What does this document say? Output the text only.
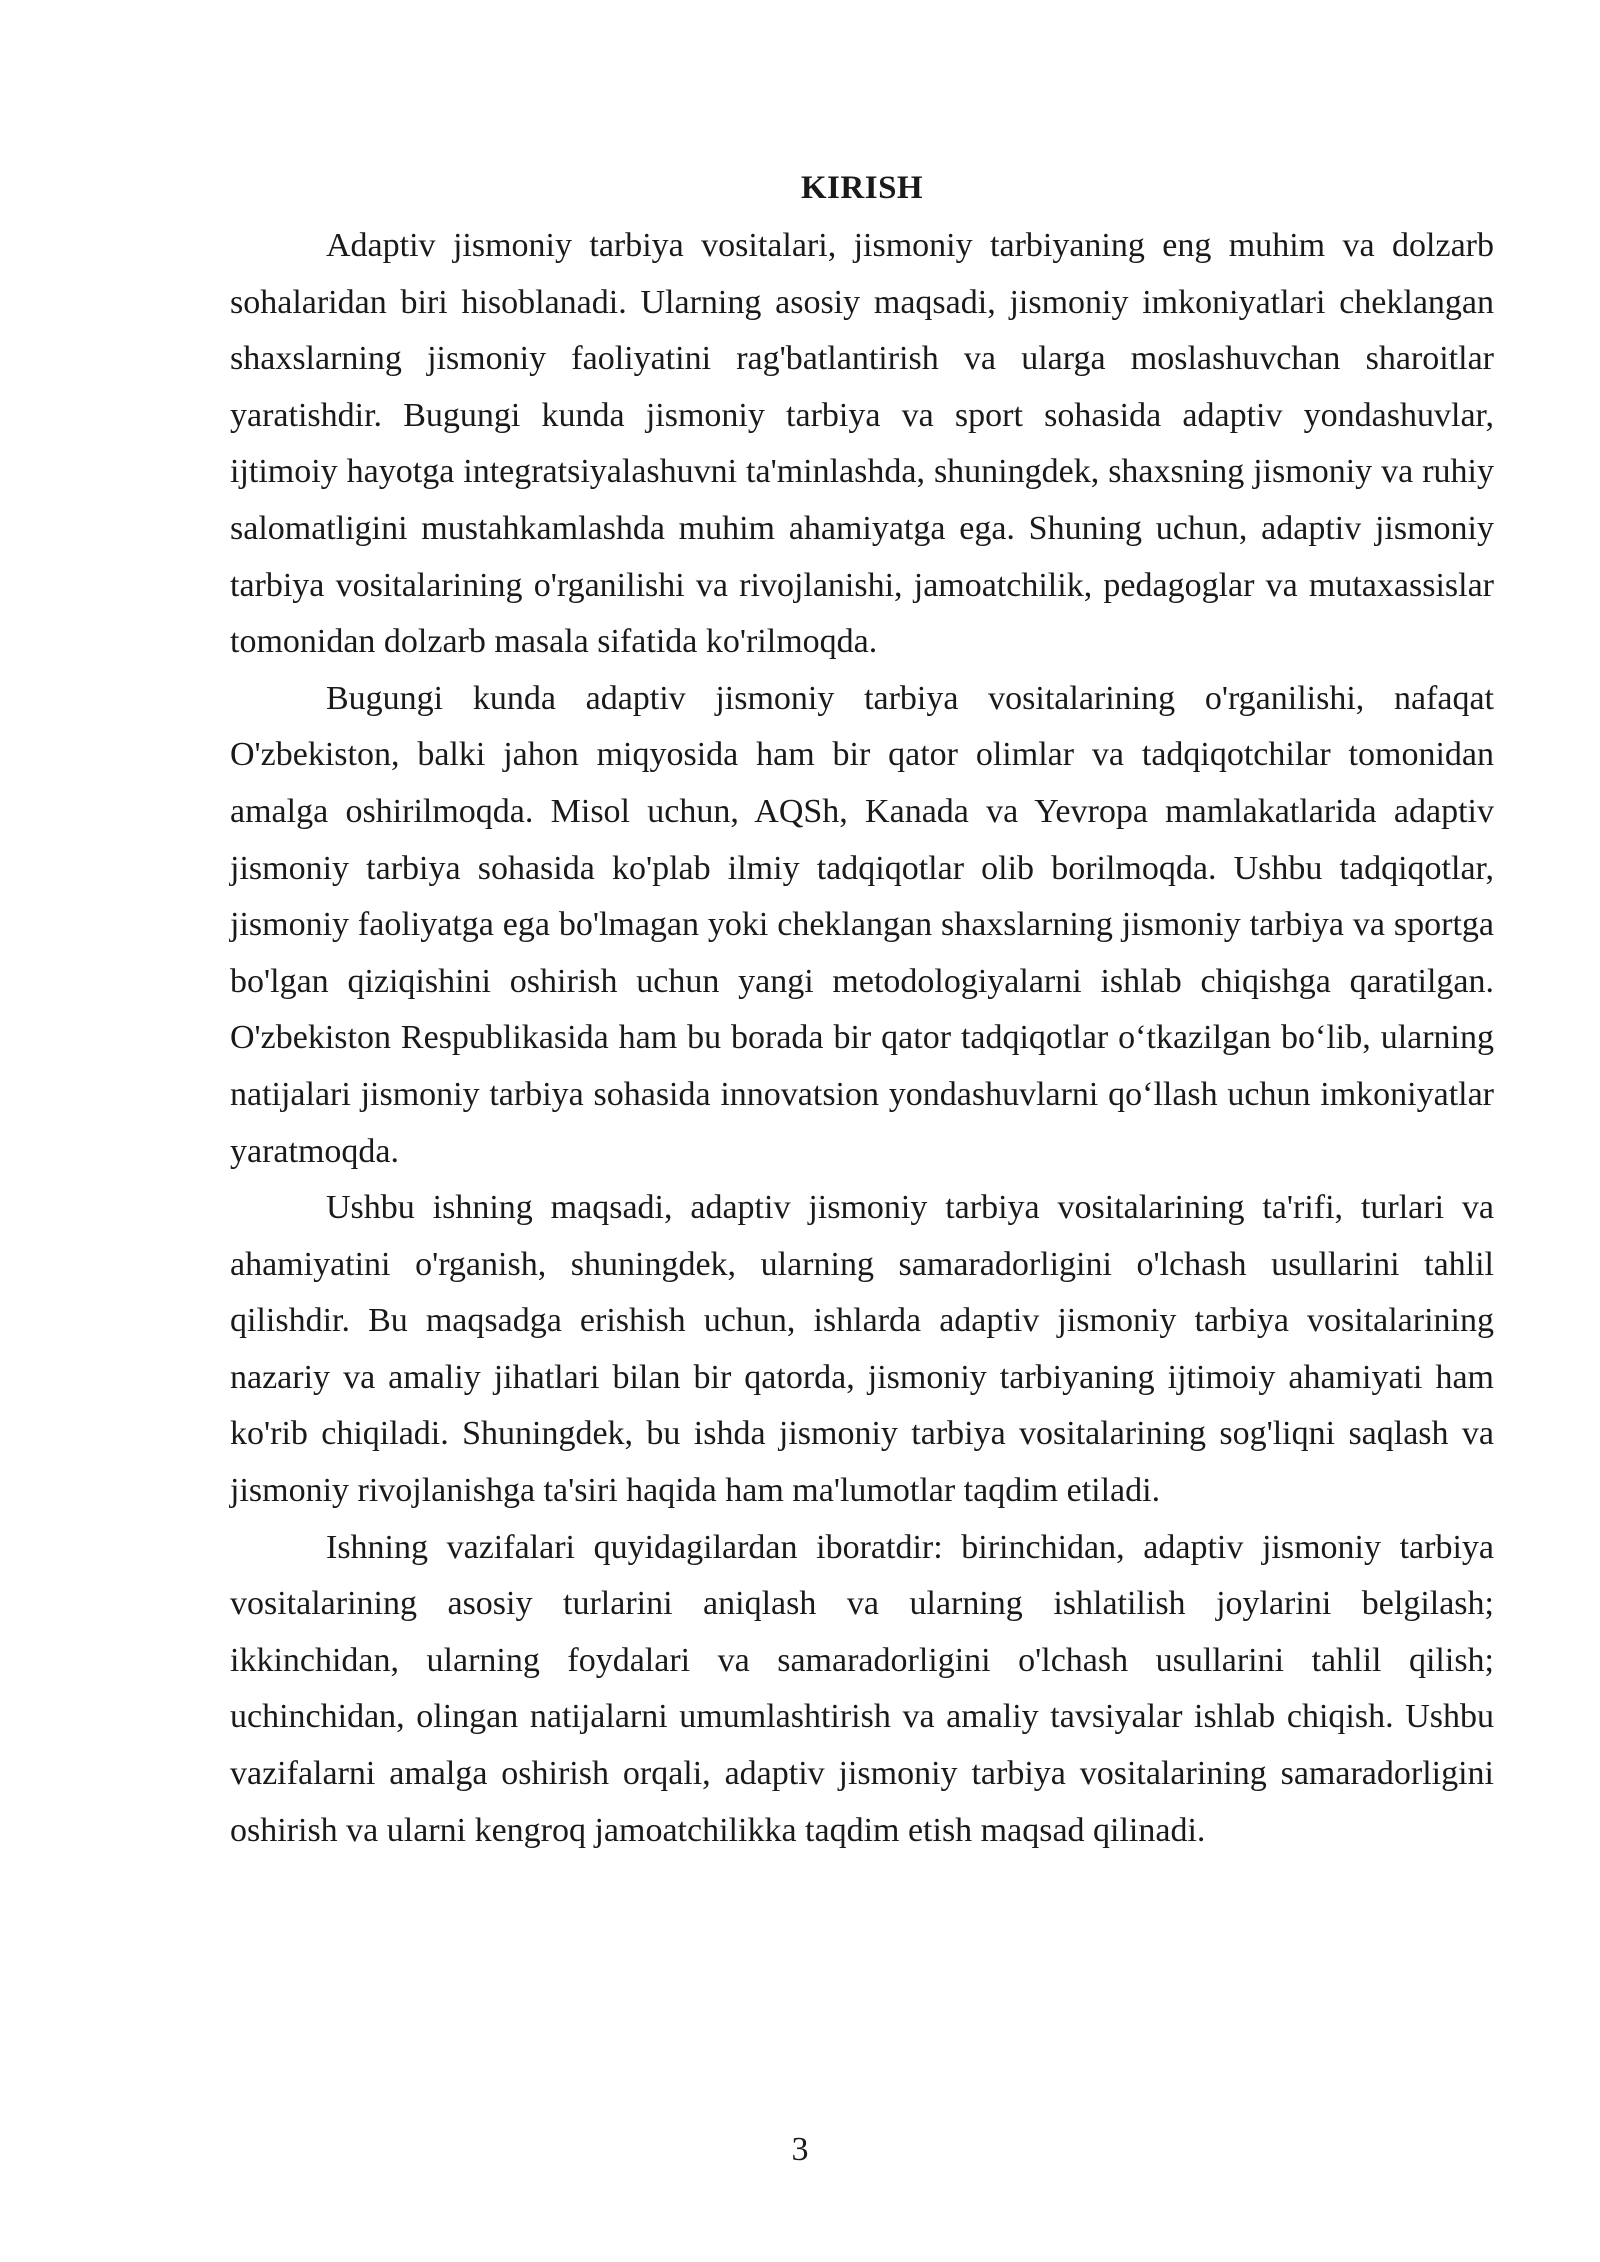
KIRISH

Adaptiv jismoniy tarbiya vositalari, jismoniy tarbiyaning eng muhim va dolzarb sohalaridan biri hisoblanadi. Ularning asosiy maqsadi, jismoniy imkoniyatlari cheklangan shaxslarning jismoniy faoliyatini rag'batlantirish va ularga moslashuvchan sharoitlar yaratishdir. Bugungi kunda jismoniy tarbiya va sport sohasida adaptiv yondashuvlar, ijtimoiy hayotga integratsiyalashuvni ta'minlashda, shuningdek, shaxsning jismoniy va ruhiy salomatligini mustahkamlashda muhim ahamiyatga ega. Shuning uchun, adaptiv jismoniy tarbiya vositalarining o'rganilishi va rivojlanishi, jamoatchilik, pedagoglar va mutaxassislar tomonidan dolzarb masala sifatida ko'rilmoqda.

Bugungi kunda adaptiv jismoniy tarbiya vositalarining o'rganilishi, nafaqat O'zbekiston, balki jahon miqyosida ham bir qator olimlar va tadqiqotchilar tomonidan amalga oshirilmoqda. Misol uchun, AQSh, Kanada va Yevropa mamlakatlarida adaptiv jismoniy tarbiya sohasida ko'plab ilmiy tadqiqotlar olib borilmoqda. Ushbu tadqiqotlar, jismoniy faoliyatga ega bo'lmagan yoki cheklangan shaxslarning jismoniy tarbiya va sportga bo'lgan qiziqishini oshirish uchun yangi metodologiyalarni ishlab chiqishga qaratilgan. O'zbekiston Respublikasida ham bu borada bir qator tadqiqotlar o‘tkazilgan bo‘lib, ularning natijalari jismoniy tarbiya sohasida innovatsion yondashuvlarni qo‘llash uchun imkoniyatlar yaratmoqda.

Ushbu ishning maqsadi, adaptiv jismoniy tarbiya vositalarining ta'rifi, turlari va ahamiyatini o'rganish, shuningdek, ularning samaradorligini o'lchash usullarini tahlil qilishdir. Bu maqsadga erishish uchun, ishlarda adaptiv jismoniy tarbiya vositalarining nazariy va amaliy jihatlari bilan bir qatorda, jismoniy tarbiyaning ijtimoiy ahamiyati ham ko'rib chiqiladi. Shuningdek, bu ishda jismoniy tarbiya vositalarining sog'liqni saqlash va jismoniy rivojlanishga ta'siri haqida ham ma'lumotlar taqdim etiladi.

Ishning vazifalari quyidagilardan iboratdir: birinchidan, adaptiv jismoniy tarbiya vositalarining asosiy turlarini aniqlash va ularning ishlatilish joylarini belgilash; ikkinchidan, ularning foydalari va samaradorligini o'lchash usullarini tahlil qilish; uchinchidan, olingan natijalarni umumlashtirish va amaliy tavsiyalar ishlab chiqish. Ushbu vazifalarni amalga oshirish orqali, adaptiv jismoniy tarbiya vositalarining samaradorligini oshirish va ularni kengroq jamoatchilikka taqdim etish maqsad qilinadi.

3
